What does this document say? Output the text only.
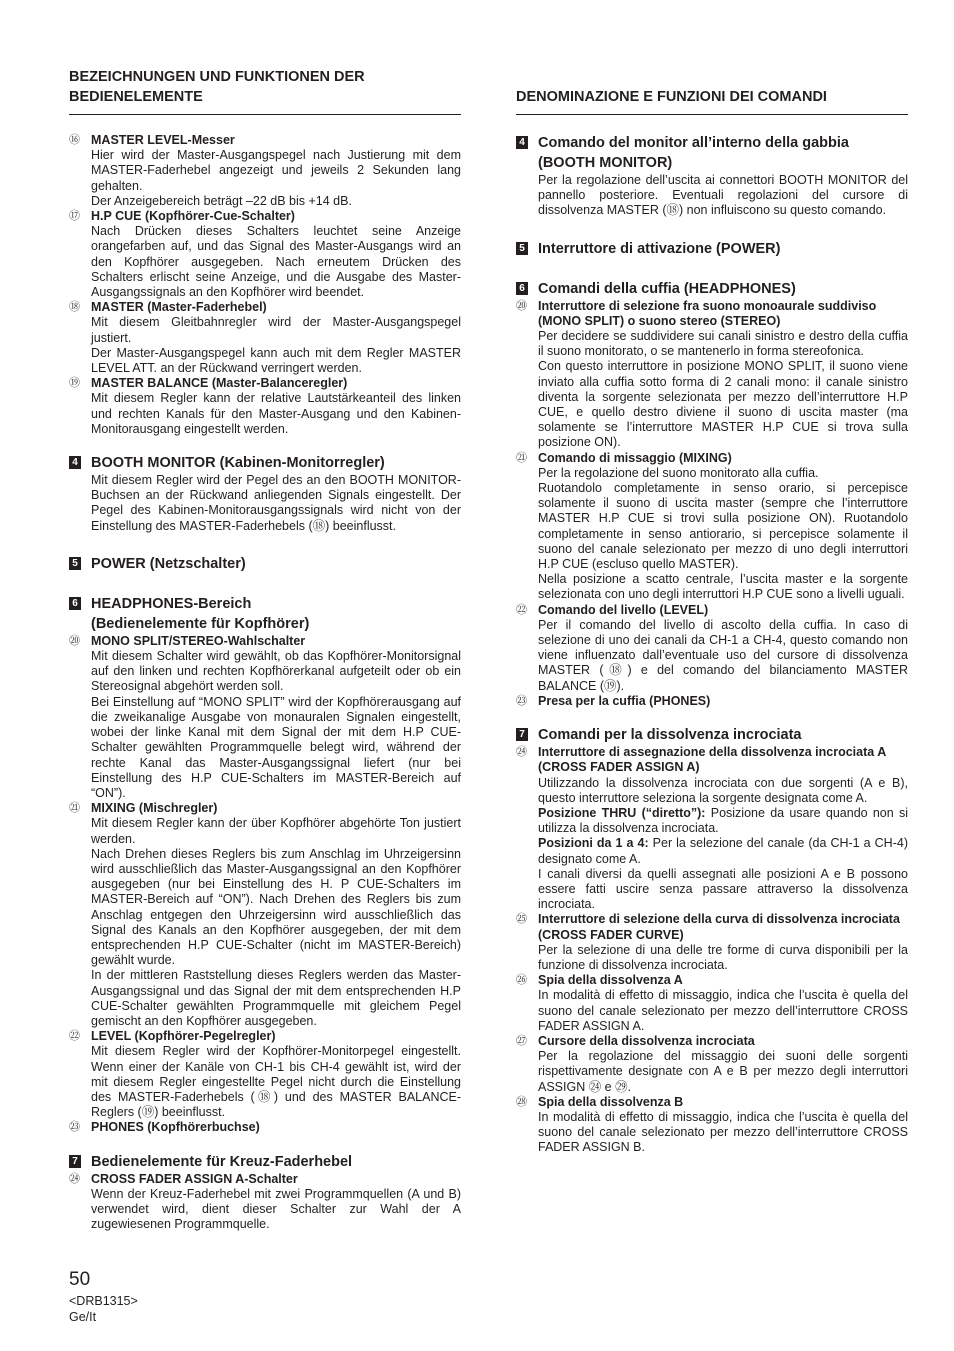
BEZEICHNUNGEN UND FUNKTIONEN DER BEDIENELEMENTE
⑯ MASTER LEVEL-Messer
Hier wird der Master-Ausgangspegel nach Justierung mit dem MASTER-Faderhebel angezeigt und jeweils 2 Sekunden lang gehalten.
Der Anzeigebereich beträgt –22 dB bis +14 dB.
⑰ H.P CUE (Kopfhörer-Cue-Schalter)
Nach Drücken dieses Schalters leuchtet seine Anzeige orangefarben auf, und das Signal des Master-Ausgangs wird an den Kopfhörer ausgegeben. Nach erneutem Drücken des Schalters erlischt seine Anzeige, und die Ausgabe des Master-Ausgangssignals an den Kopfhörer wird beendet.
⑱ MASTER (Master-Faderhebel)
Mit diesem Gleitbahnregler wird der Master-Ausgangspegel justiert.
Der Master-Ausgangspegel kann auch mit dem Regler MASTER LEVEL ATT. an der Rückwand verringert werden.
⑲ MASTER BALANCE (Master-Balanceregler)
Mit diesem Regler kann der relative Lautstärkeanteil des linken und rechten Kanals für den Master-Ausgang und den Kabinen-Monitorausgang eingestellt werden.
4 BOOTH MONITOR (Kabinen-Monitorregler)
Mit diesem Regler wird der Pegel des an den BOOTH MONITOR-Buchsen an der Rückwand anliegenden Signals eingestellt. Der Pegel des Kabinen-Monitorausgangssignals wird nicht von der Einstellung des MASTER-Faderhebels (⑱) beeinflusst.
5 POWER (Netzschalter)
6 HEADPHONES-Bereich
(Bedienelemente für Kopfhörer)
⑳ MONO SPLIT/STEREO-Wahlschalter
Mit diesem Schalter wird gewählt, ob das Kopfhörer-Monitorsignal auf den linken und rechten Kopfhörerkanal aufgeteilt oder ob ein Stereosignal abgehört werden soll.
Bei Einstellung auf “MONO SPLIT” wird der Kopfhörerausgang auf die zweikanalige Ausgabe von monauralen Signalen eingestellt, wobei der linke Kanal mit dem Signal der mit dem H.P CUE-Schalter gewählten Programmquelle belegt wird, während der rechte Kanal das Master-Ausgangssignal liefert (nur bei Einstellung des H.P CUE-Schalters im MASTER-Bereich auf “ON”).
㉑ MIXING (Mischregler)
Mit diesem Regler kann der über Kopfhörer abgehörte Ton justiert werden.
Nach Drehen dieses Reglers bis zum Anschlag im Uhrzeigersinn wird ausschließlich das Master-Ausgangssignal an den Kopfhörer ausgegeben (nur bei Einstellung des H. P CUE-Schalters im MASTER-Bereich auf “ON”). Nach Drehen des Reglers bis zum Anschlag entgegen den Uhrzeigersinn wird ausschließlich das Signal des Kanals an den Kopfhörer ausgegeben, der mit dem entsprechenden H.P CUE-Schalter (nicht im MASTER-Bereich) gewählt wurde.
In der mittleren Raststellung dieses Reglers werden das Master-Ausgangssignal und das Signal der mit dem entsprechenden H.P CUE-Schalter gewählten Programmquelle mit gleichem Pegel gemischt an den Kopfhörer ausgegeben.
㉒ LEVEL (Kopfhörer-Pegelregler)
Mit diesem Regler wird der Kopfhörer-Monitorpegel eingestellt. Wenn einer der Kanäle von CH-1 bis CH-4 gewählt ist, wird der mit diesem Regler eingestellte Pegel nicht durch die Einstellung des MASTER-Faderhebels (⑱) und des MASTER BALANCE-Reglers (⑲) beeinflusst.
㉓ PHONES (Kopfhörerbuchse)
7 Bedienelemente für Kreuz-Faderhebel
㉔ CROSS FADER ASSIGN A-Schalter
Wenn der Kreuz-Faderhebel mit zwei Programmquellen (A und B) verwendet wird, dient dieser Schalter zur Wahl der A zugewiesenen Programmquelle.
DENOMINAZIONE E FUNZIONI DEI COMANDI
4 Comando del monitor all’interno della gabbia
(BOOTH MONITOR)
Per la regolazione dell’uscita ai connettori BOOTH MONITOR del pannello posteriore. Eventuali regolazioni del cursore di dissolvenza MASTER (⑱) non influiscono su questo comando.
5 Interruttore di attivazione (POWER)
6 Comandi della cuffia (HEADPHONES)
⑳ Interruttore di selezione fra suono monoaurale suddiviso (MONO SPLIT) o suono stereo (STEREO)
Per decidere se suddividere sui canali sinistro e destro della cuffia il suono monitorato, o se mantenerlo in forma stereofonica.
Con questo interruttore in posizione MONO SPLIT, il suono viene inviato alla cuffia sotto forma di 2 canali mono: il canale sinistro diventa la sorgente selezionata per mezzo dell’interruttore H.P CUE, e quello destro diviene il suono di uscita master (ma solamente se l’interruttore MASTER H.P CUE si trova sulla posizione ON).
㉑ Comando di missaggio (MIXING)
Per la regolazione del suono monitorato alla cuffia.
Ruotandolo completamente in senso orario, si percepisce solamente il suono di uscita master (sempre che l’interruttore MASTER H.P CUE si trovi sulla posizione ON). Ruotandolo completamente in senso antiorario, si percepisce solamente il suono del canale selezionato per mezzo di uno degli interruttori H.P CUE (escluso quello MASTER).
Nella posizione a scatto centrale, l’uscita master e la sorgente selezionata con uno degli interruttori H.P CUE sono a livelli uguali.
㉒ Comando del livello (LEVEL)
Per il comando del livello di ascolto della cuffia. In caso di selezione di uno dei canali da CH-1 a CH-4, questo comando non viene influenzato dall’eventuale uso del cursore di dissolvenza MASTER (⑱) e del comando del bilanciamento MASTER BALANCE (⑲).
㉓ Presa per la cuffia (PHONES)
7 Comandi per la dissolvenza incrociata
㉔ Interruttore di assegnazione della dissolvenza incrociata A (CROSS FADER ASSIGN A)
Utilizzando la dissolvenza incrociata con due sorgenti (A e B), questo interruttore seleziona la sorgente designata come A.
Posizione THRU (“diretto”): Posizione da usare quando non si utilizza la dissolvenza incrociata.
Posizioni da 1 a 4: Per la selezione del canale (da CH-1 a CH-4) designato come A.
I canali diversi da quelli assegnati alle posizioni A e B possono essere fatti uscire senza passare attraverso la dissolvenza incrociata.
㉕ Interruttore di selezione della curva di dissolvenza incrociata (CROSS FADER CURVE)
Per la selezione di una delle tre forme di curva disponibili per la funzione di dissolvenza incrociata.
㉖ Spia della dissolvenza A
In modalità di effetto di missaggio, indica che l’uscita è quella del suono del canale selezionato per mezzo dell’interruttore CROSS FADER ASSIGN A.
㉗ Cursore della dissolvenza incrociata
Per la regolazione del missaggio dei suoni delle sorgenti rispettivamente designate con A e B per mezzo degli interruttori ASSIGN ㉔ e ㉙.
㉘ Spia della dissolvenza B
In modalità di effetto di missaggio, indica che l’uscita è quella del suono del canale selezionato per mezzo dell’interruttore CROSS FADER ASSIGN B.
50
<DRB1315>
Ge/It
